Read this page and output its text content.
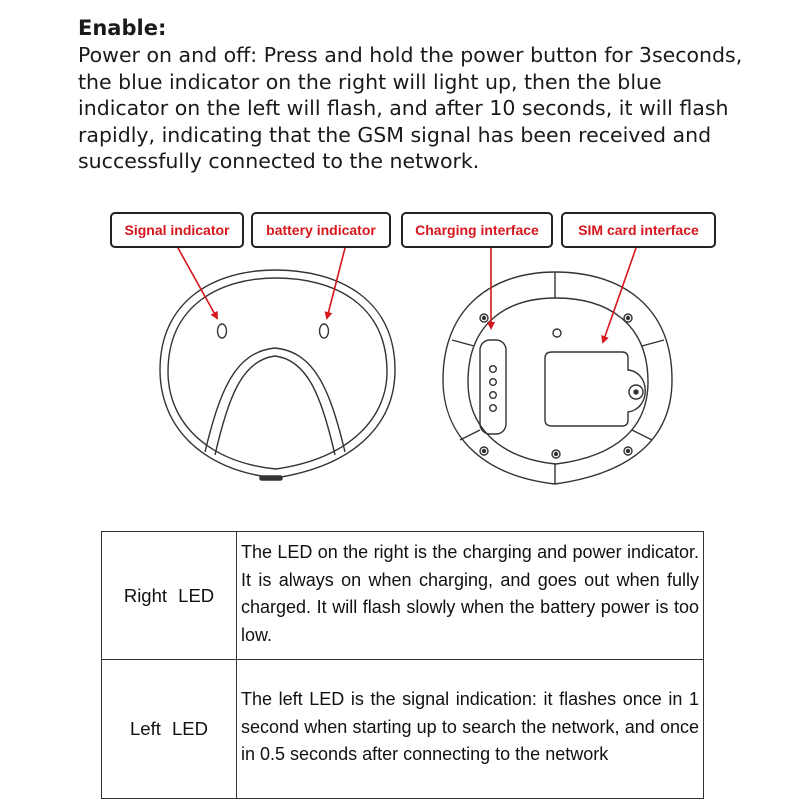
Enable:
Power on and off: Press and hold the power button for 3seconds,
the blue indicator on the right will light up, then the blue
indicator on the left will flash, and after 10 seconds, it will flash
rapidly, indicating that the GSM signal has been received and
successfully connected to the network.
Signal indicator	battery indicator	Charging interface	SIM card interface
Right LED	The LED on the right is the charging and power indicator. It is always on when charging, and goes out when fully charged. It will flash slowly when the battery power is too low.
Left LED	The left LED is the signal indication: it flashes once in 1 second when starting up to search the network, and once in 0.5 seconds after connecting to the network
